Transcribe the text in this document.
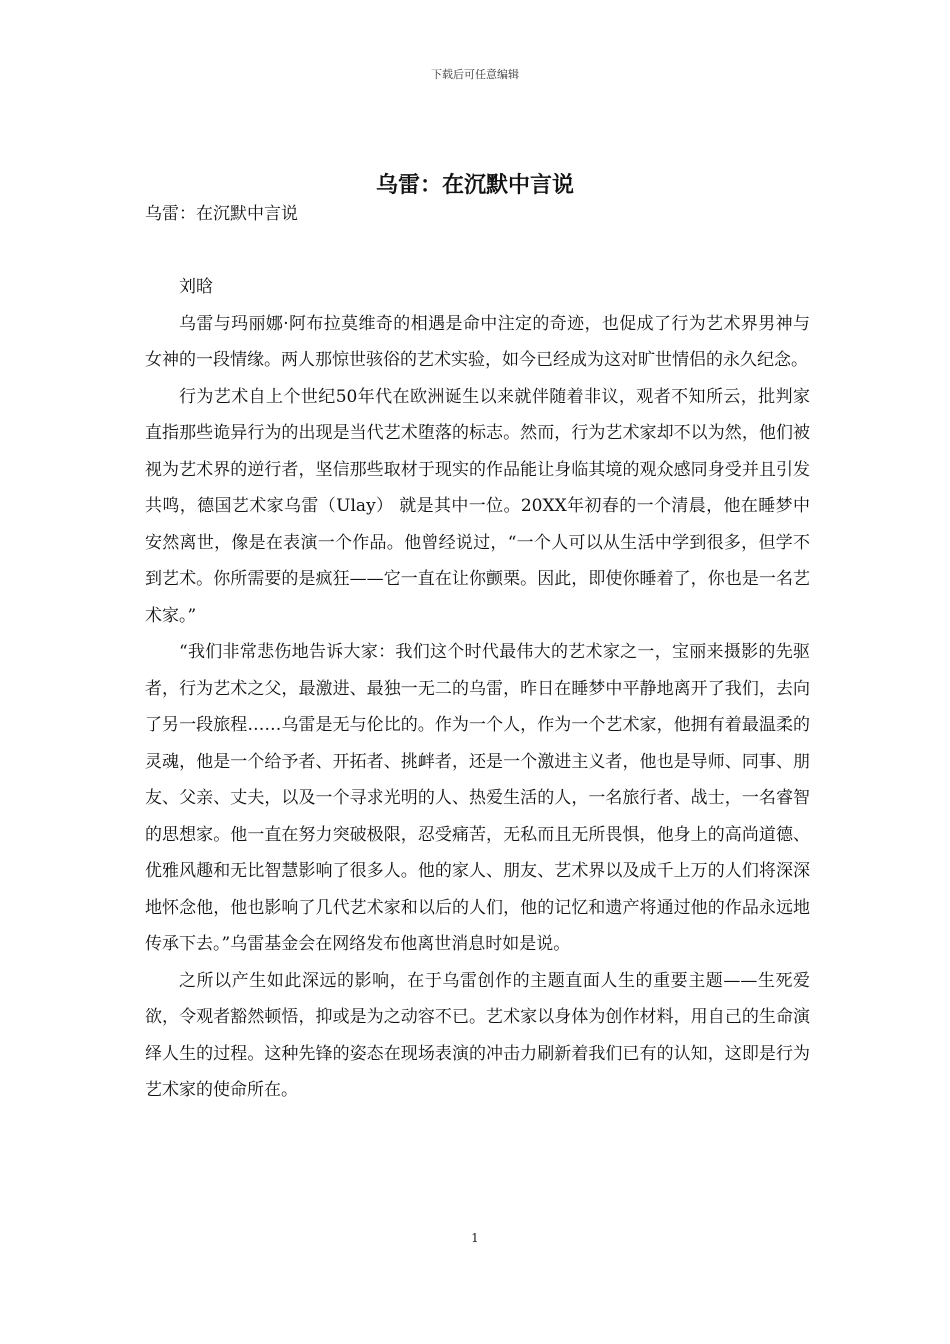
下载后可任意编辑
乌雷：在沉默中言说

乌雷：在沉默中言说

刘晗

乌雷与玛丽娜·阿布拉莫维奇的相遇是命中注定的奇迹，也促成了行为艺术界男神与女神的一段情缘。两人那惊世骇俗的艺术实验，如今已经成为这对旷世情侣的永久纪念。

行为艺术自上个世纪50年代在欧洲诞生以来就伴随着非议，观者不知所云，批判家直指那些诡异行为的出现是当代艺术堕落的标志。然而，行为艺术家却不以为然，他们被视为艺术界的逆行者，坚信那些取材于现实的作品能让身临其境的观众感同身受并且引发共鸣，德国艺术家乌雷（Ulay） 就是其中一位。20XX年初春的一个清晨，他在睡梦中安然离世，像是在表演一个作品。他曾经说过，“一个人可以从生活中学到很多，但学不到艺术。你所需要的是疯狂——它一直在让你颤栗。因此，即使你睡着了，你也是一名艺术家。”

“我们非常悲伤地告诉大家：我们这个时代最伟大的艺术家之一，宝丽来摄影的先驱者，行为艺术之父，最激进、最独一无二的乌雷，昨日在睡梦中平静地离开了我们，去向了另一段旅程……乌雷是无与伦比的。作为一个人，作为一个艺术家，他拥有着最温柔的灵魂，他是一个给予者、开拓者、挑衅者，还是一个激进主义者，他也是导师、同事、朋友、父亲、丈夫，以及一个寻求光明的人、热爱生活的人，一名旅行者、战士，一名睿智的思想家。他一直在努力突破极限，忍受痛苦，无私而且无所畏惧，他身上的高尚道德、优雅风趣和无比智慧影响了很多人。他的家人、朋友、艺术界以及成千上万的人们将深深地怀念他，他也影响了几代艺术家和以后的人们，他的记忆和遗产将通过他的作品永远地传承下去。”乌雷基金会在网络发布他离世消息时如是说。

之所以产生如此深远的影响，在于乌雷创作的主题直面人生的重要主题——生死爱欲，令观者豁然顿悟，抑或是为之动容不已。艺术家以身体为创作材料，用自己的生命演绎人生的过程。这种先锋的姿态在现场表演的冲击力刷新着我们已有的认知，这即是行为艺术家的使命所在。

1
